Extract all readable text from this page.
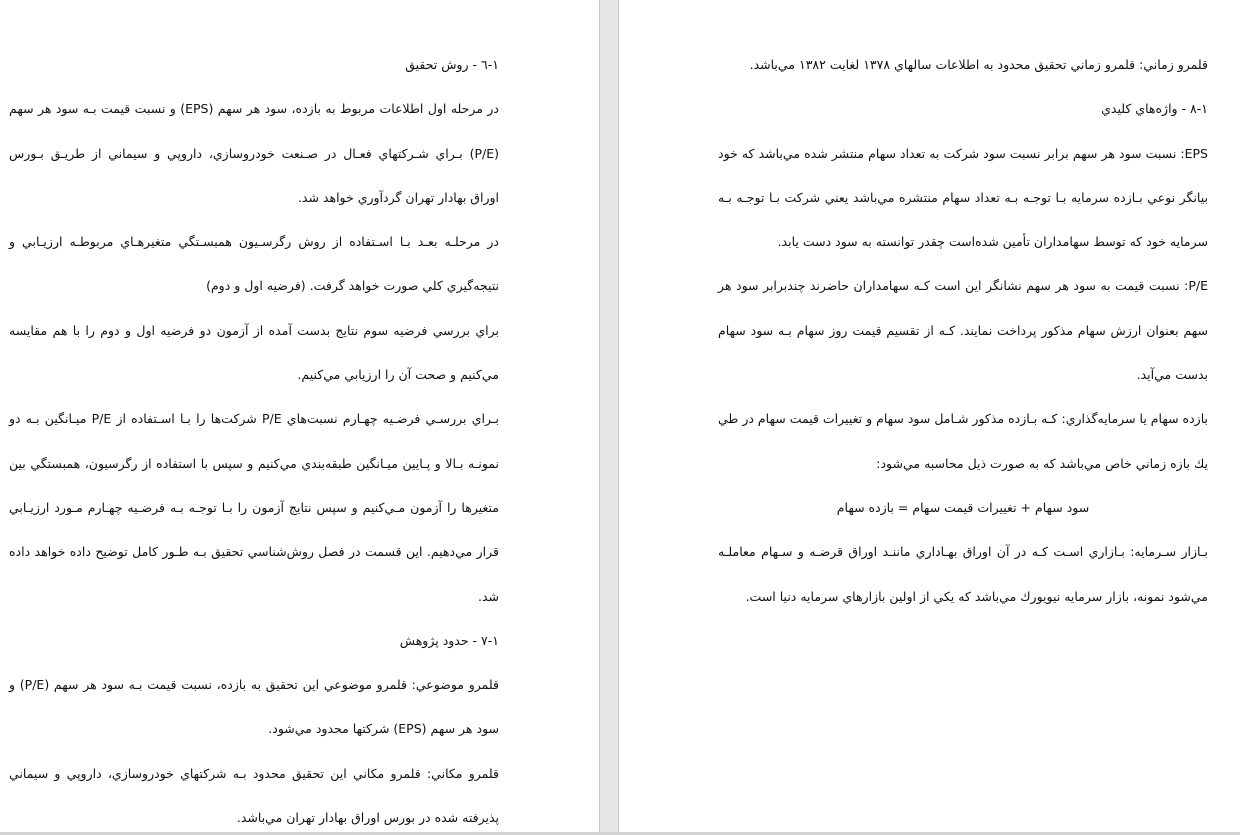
١-٦ - روش تحقيق
در مرحله اول اطلاعات مربوط به بازده، سود هر سهم (EPS) و نسبت قيمت بـه سود هر سهم
(P/E) بـراي شـركتهاي فعـال در صـنعت خودروسازي، داروپي و سيماني از طريـق بـورس
اوراق بهادار تهران گردآوري خواهد شد.
در مرحلـه بعـد بـا اسـتفاده از روش رگرسـيون همبسـتگي متغيرهـاي مربوطـه ارزيـابي و
نتيجه‌گيري كلي صورت خواهد گرفت. (فرضيه اول و دوم)
براي بررسي فرضيه سوم نتايج بدست آمده از آزمون دو فرضيه اول و دوم را با هم مقايسه
مي‌كنيم و صحت آن را ارزيابي مي‌كنيم.
بـراي بررسـي فرضـيه چهـارم نسبت‌هاي P/E شركت‌ها را بـا اسـتفاده از P/E ميـانگين بـه دو
نمونـه بـالا و پـايين ميـانگين طبقه‌بندي مي‌كنيم و سپس با استفاده از رگرسيون، همبستگي بين
متغيرها را آزمون مـي‌كنيم و سپس نتايج آزمون را بـا توجـه بـه فرضـيه چهـارم مـورد ارزيـابي
قرار مي‌دهيم. اين قسمت در فصل روش‌شناسي تحقيق بـه طـور كامل توضيح داده خواهد داده
شد.
١-٧ - حدود پژوهش
قلمرو موضوعي: قلمرو موضوعي اين تحقيق به بازده، نسبت قيمت بـه سود هر سهم (P/E) و
سود هر سهم (EPS) شركتها محدود مي‌شود.
قلمرو مكاني: قلمرو مكاني اين تحقيق محدود بـه شركتهاي خودروسازي، داروپي و سيماني
پذيرفته شده در بورس اوراق بهادار تهران مي‌باشد.
قلمرو زماني: قلمرو زماني تحقيق محدود به اطلاعات سالهاي ١٣٧٨ لغايت ١٣٨٢ مي‌باشد.
١-٨ - واژه‌هاي كليدي
EPS: نسبت سود هر سهم برابر نسبت سود شركت به تعداد سهام منتشر شده مي‌باشد كه خود
بيانگر نوعي بـازده سرمايه بـا توجـه بـه تعداد سهام منتشره مي‌باشد يعني شركت بـا توجـه بـه
سرمايه خود كه توسط سهامداران تأمين شده‌است چقدر توانسته به سود دست يابد.
P/E: نسبت قيمت به سود هر سهم نشانگر اين است كـه سهامداران حاضرند چندبرابر سود هر
سهم بعنوان ارزش سهام مذكور پرداخت نمايند. كـه از تقسيم قيمت روز سهام بـه سود سهام
بدست مي‌آيد.
بازده سهام يا سرمايه‌گذاري: كـه بـازده مذكور شـامل سود سهام و تغييرات قيمت سهام در طي
يك بازه زماني خاص مي‌باشد كه به صورت ذيل محاسبه مي‌شود:
سود سهام + تغييرات قيمت سهام = بازده سهام
بـازار سـرمايه: بـازاري اسـت كـه در آن اوراق بهـاداري ماننـد اوراق قرضـه و سـهام معاملـه
مي‌شود نمونه، بازار سرمايه نيويورك مي‌باشد كه يكي از اولين بازارهاي سرمايه دنيا است.
